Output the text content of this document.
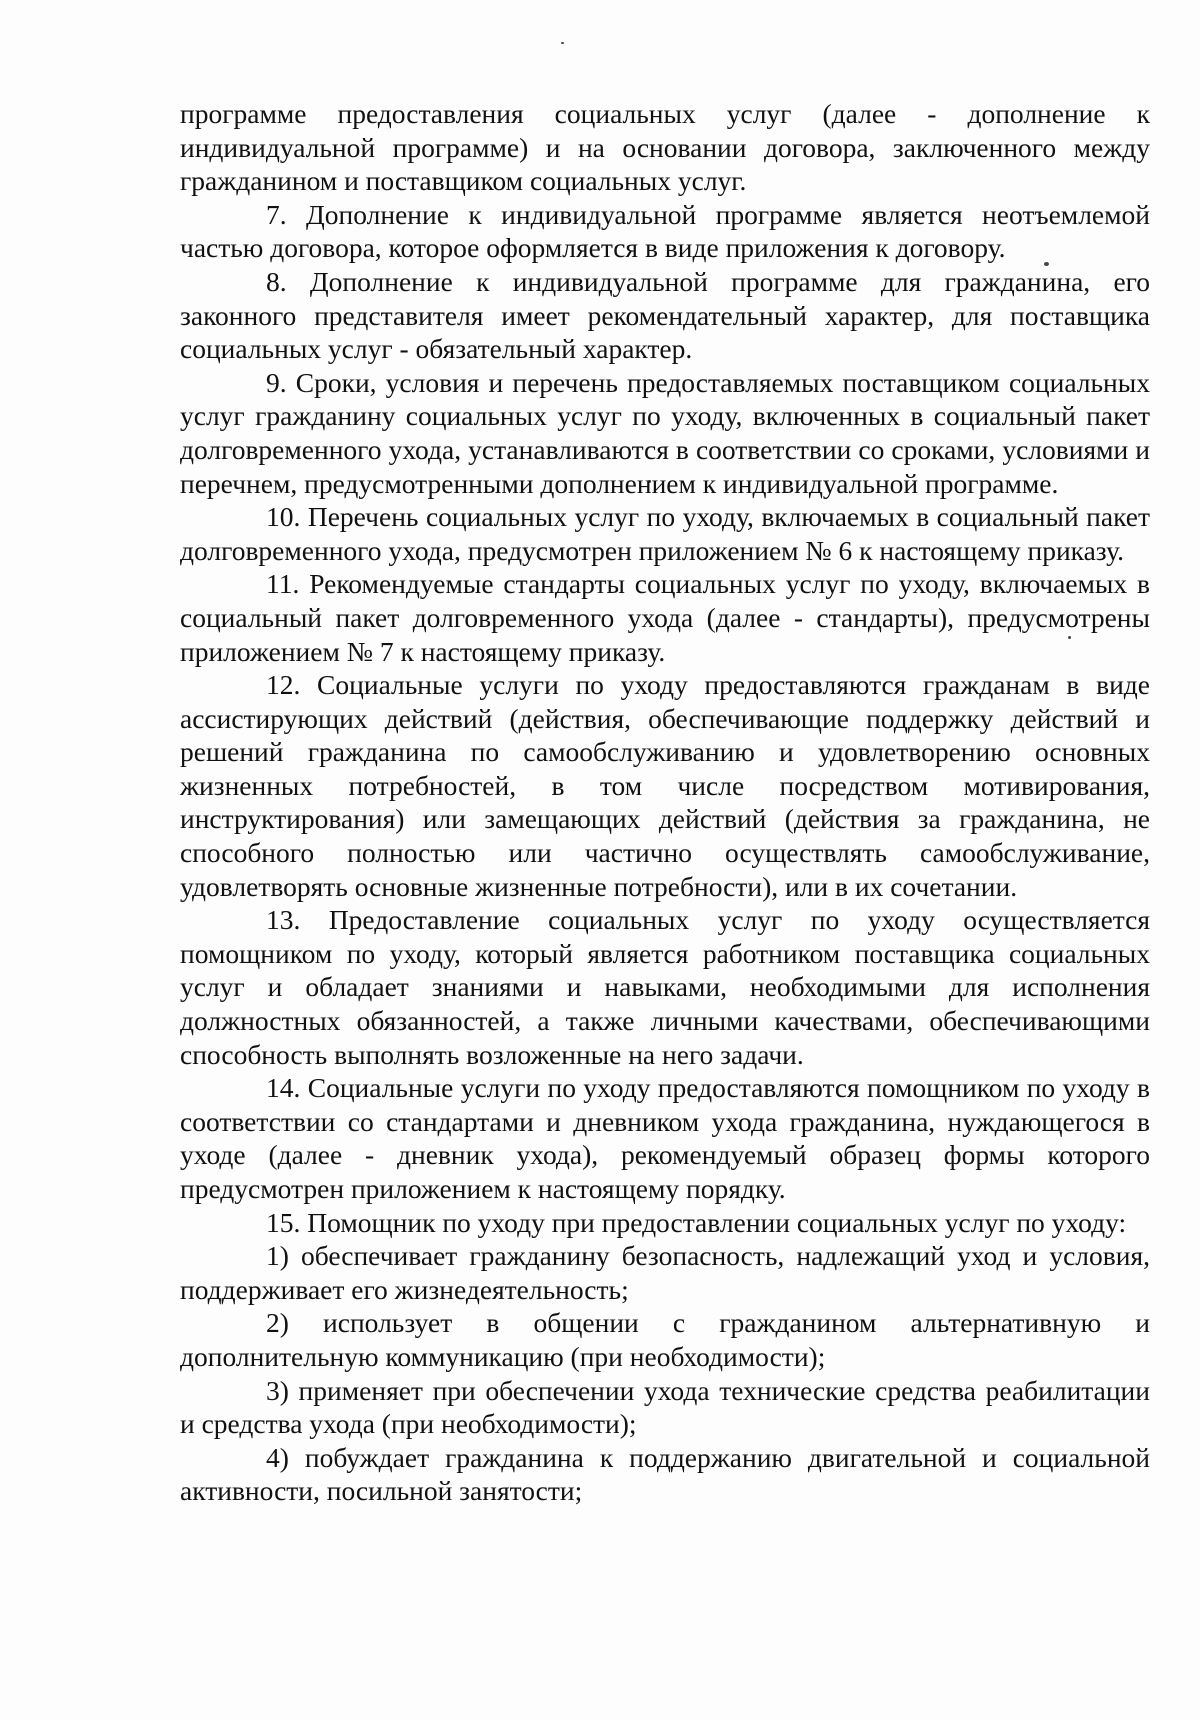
программе предоставления социальных услуг (далее - дополнение к индивидуальной программе) и на основании договора, заключенного между гражданином и поставщиком социальных услуг.

7. Дополнение к индивидуальной программе является неотъемлемой частью договора, которое оформляется в виде приложения к договору.

8. Дополнение к индивидуальной программе для гражданина, его законного представителя имеет рекомендательный характер, для поставщика социальных услуг - обязательный характер.

9. Сроки, условия и перечень предоставляемых поставщиком социальных услуг гражданину социальных услуг по уходу, включенных в социальный пакет долговременного ухода, устанавливаются в соответствии со сроками, условиями и перечнем, предусмотренными дополнением к индивидуальной программе.

10. Перечень социальных услуг по уходу, включаемых в социальный пакет долговременного ухода, предусмотрен приложением № 6 к настоящему приказу.

11. Рекомендуемые стандарты социальных услуг по уходу, включаемых в социальный пакет долговременного ухода (далее - стандарты), предусмотрены приложением № 7 к настоящему приказу.

12. Социальные услуги по уходу предоставляются гражданам в виде ассистирующих действий (действия, обеспечивающие поддержку действий и решений гражданина по самообслуживанию и удовлетворению основных жизненных потребностей, в том числе посредством мотивирования, инструктирования) или замещающих действий (действия за гражданина, не способного полностью или частично осуществлять самообслуживание, удовлетворять основные жизненные потребности), или в их сочетании.

13. Предоставление социальных услуг по уходу осуществляется помощником по уходу, который является работником поставщика социальных услуг и обладает знаниями и навыками, необходимыми для исполнения должностных обязанностей, а также личными качествами, обеспечивающими способность выполнять возложенные на него задачи.

14. Социальные услуги по уходу предоставляются помощником по уходу в соответствии со стандартами и дневником ухода гражданина, нуждающегося в уходе (далее - дневник ухода), рекомендуемый образец формы которого предусмотрен приложением к настоящему порядку.

15. Помощник по уходу при предоставлении социальных услуг по уходу:

1) обеспечивает гражданину безопасность, надлежащий уход и условия, поддерживает его жизнедеятельность;

2) использует в общении с гражданином альтернативную и дополнительную коммуникацию (при необходимости);

3) применяет при обеспечении ухода технические средства реабилитации и средства ухода (при необходимости);

4) побуждает гражданина к поддержанию двигательной и социальной активности, посильной занятости;
